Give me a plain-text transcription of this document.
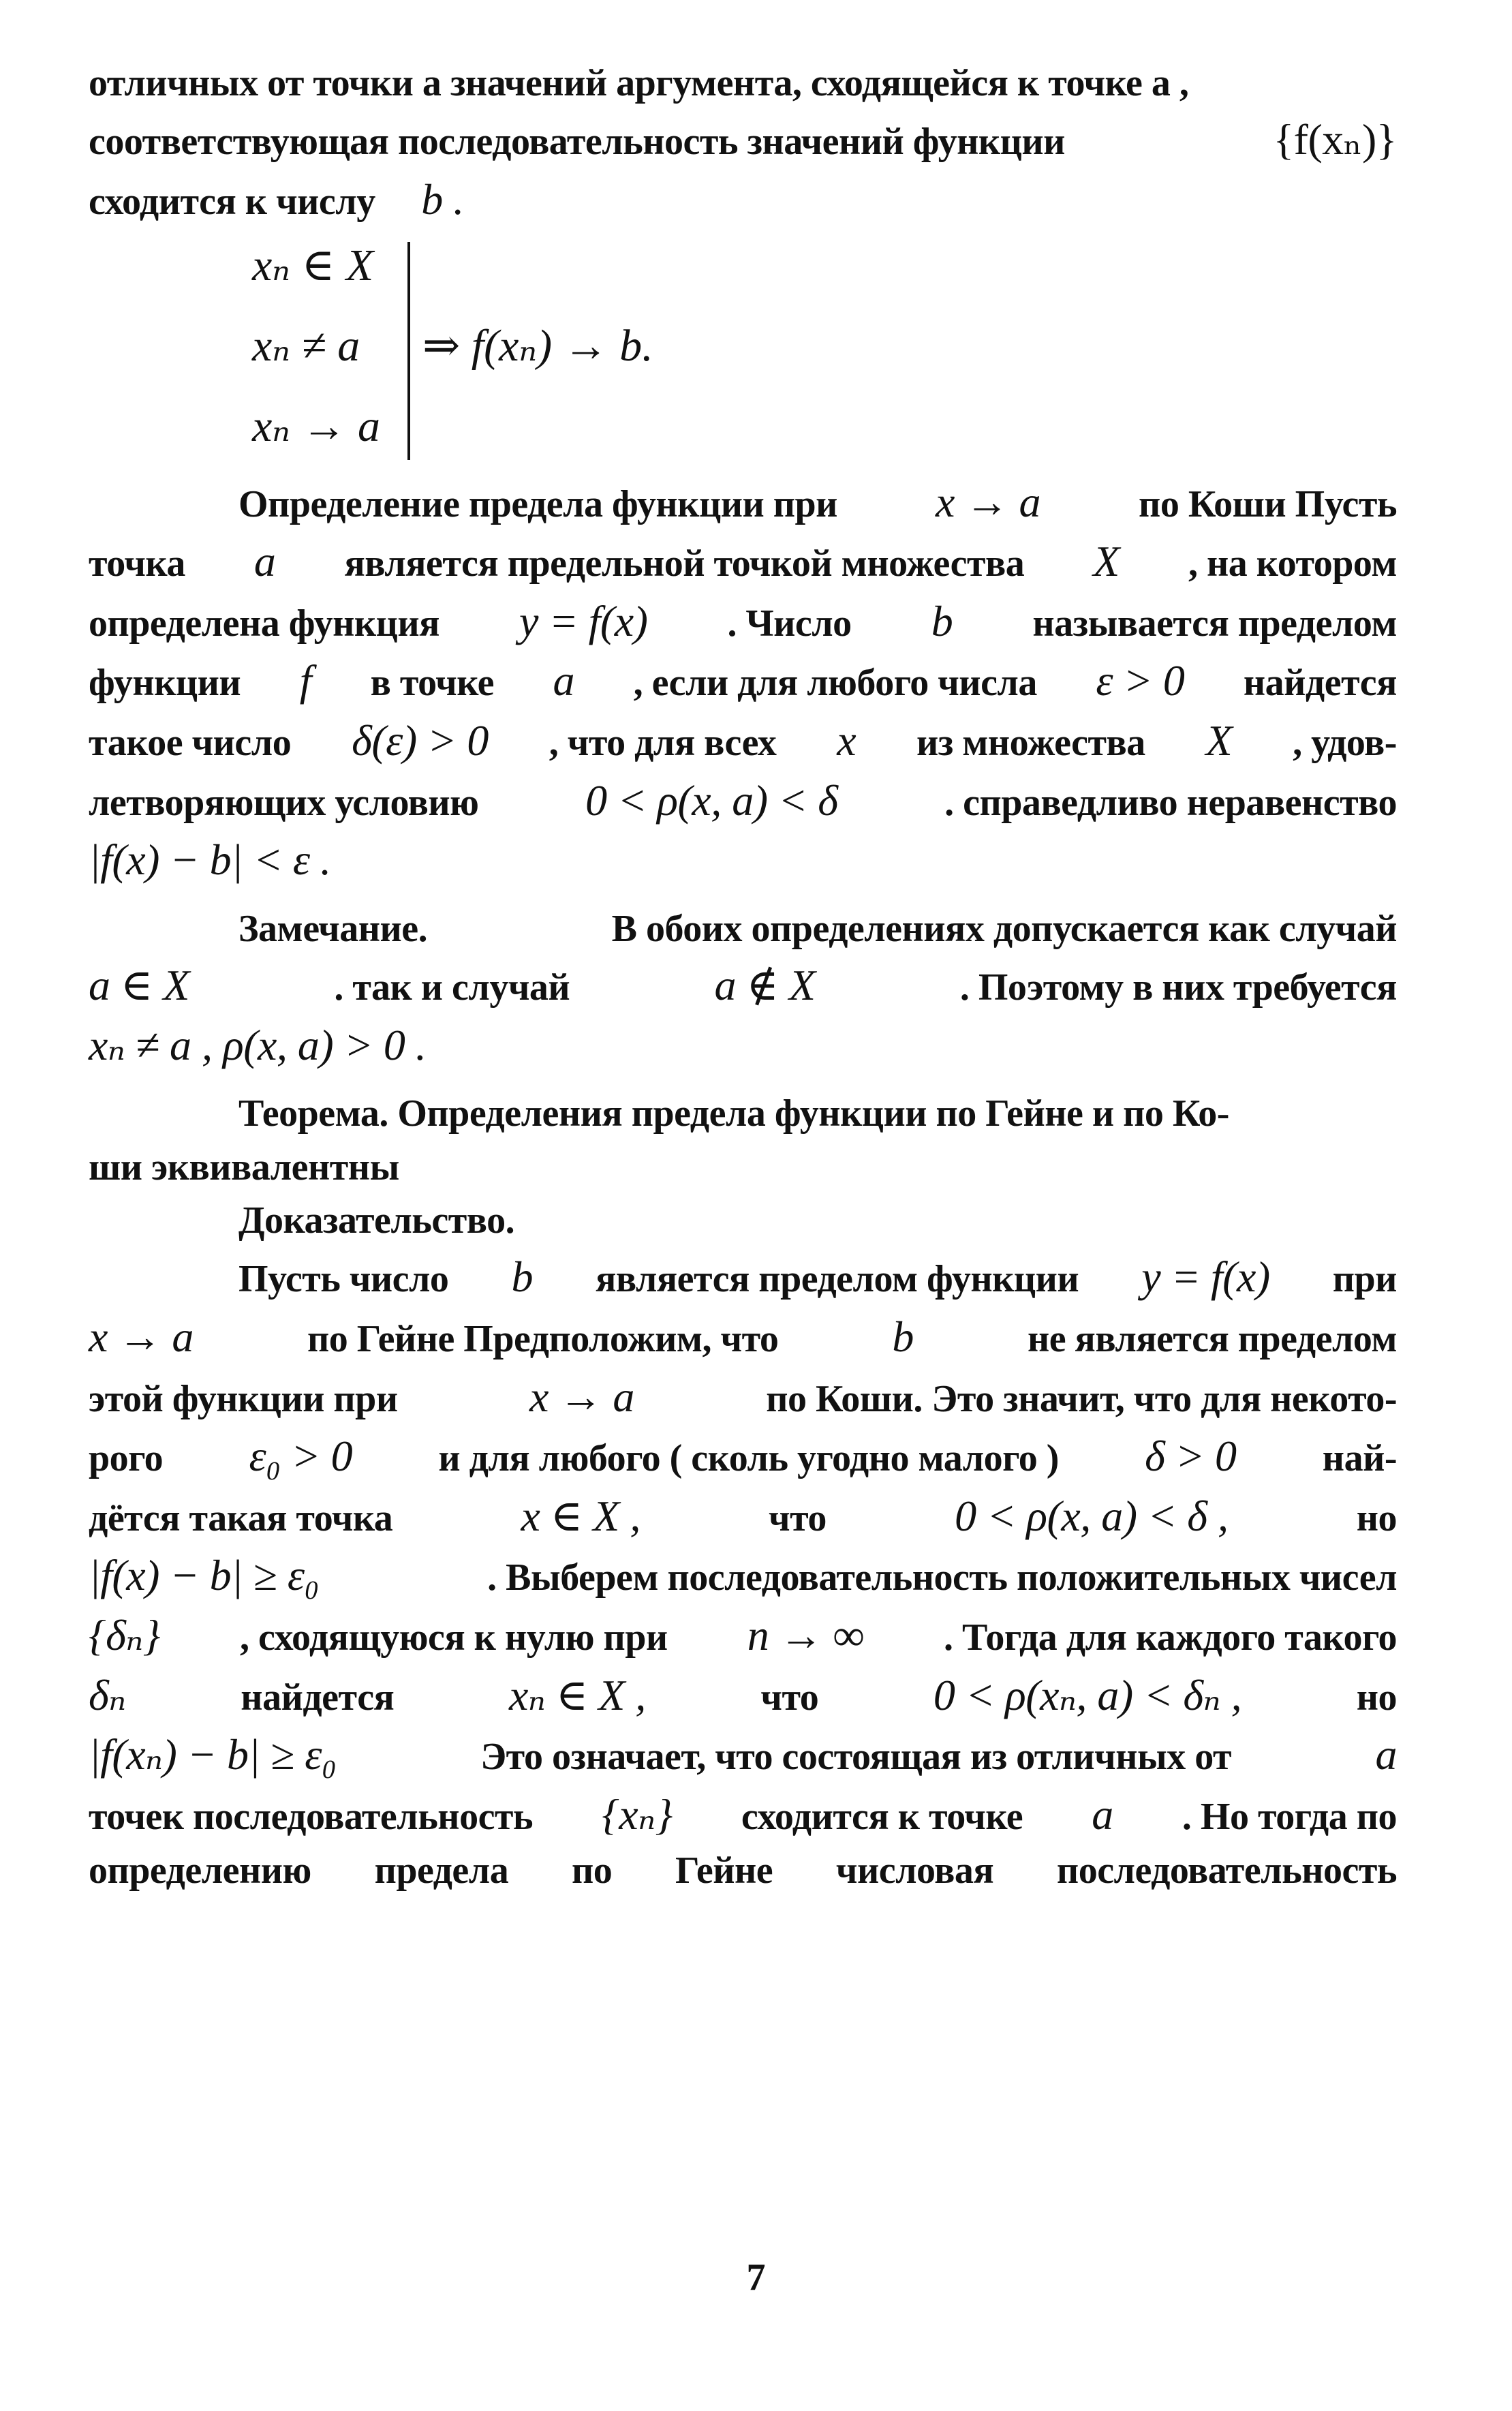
отличных от точки a значений аргумента, сходящейся к точке a ,
соответствующая последовательность значений функции	{f(xₙ)}
сходится к числу b .
xₙ ∈ X
xₙ ≠ a
xₙ → a
⇒ f(xₙ) → b.
Определение предела функции при x → a	по Коши Пусть
точка a является предельной точкой множества X , на котором
определена функция y = f(x) . Число b называется пределом
функции f в точке a , если для любого числа ε > 0 найдется
такое число δ(ε) > 0 , что для всех x из множества X , удов-
летворяющих условию 0 < ρ(x, a) < δ	. справедливо неравенство
|f(x) − b| < ε .
Замечание.	В обоих определениях допускается как случай
a ∈ X	. так и случай	a ∉ X	. Поэтому в них требуется
xₙ ≠ a , ρ(x, a) > 0 .
Теорема. Определения предела функции по Гейне и по Ко-
ши эквивалентны
Доказательство.
Пусть число b является пределом функции y = f(x) при
x → a	по Гейне Предположим, что	b	не является пределом
этой функции при	x → a	по Коши. Это значит, что для некото-
рого ε₀ > 0 и для любого ( сколь угодно малого ) δ > 0 най-
дётся такая точка	x ∈ X ,	что	0 < ρ(x, a) < δ ,	но
|f(x) − b| ≥ ε₀	. Выберем последовательность положительных чисел
{δₙ} , сходящуюся к нулю при n → ∞ . Тогда для каждого такого
δₙ	найдется	xₙ ∈ X ,	что	0 < ρ(xₙ, a) < δₙ ,	но
|f(xₙ) − b| ≥ ε₀	Это означает, что состоящая из отличных от	a
точек последовательность {xₙ} сходится к точке a . Но тогда по
определению предела по Гейне числовая последовательность
7
